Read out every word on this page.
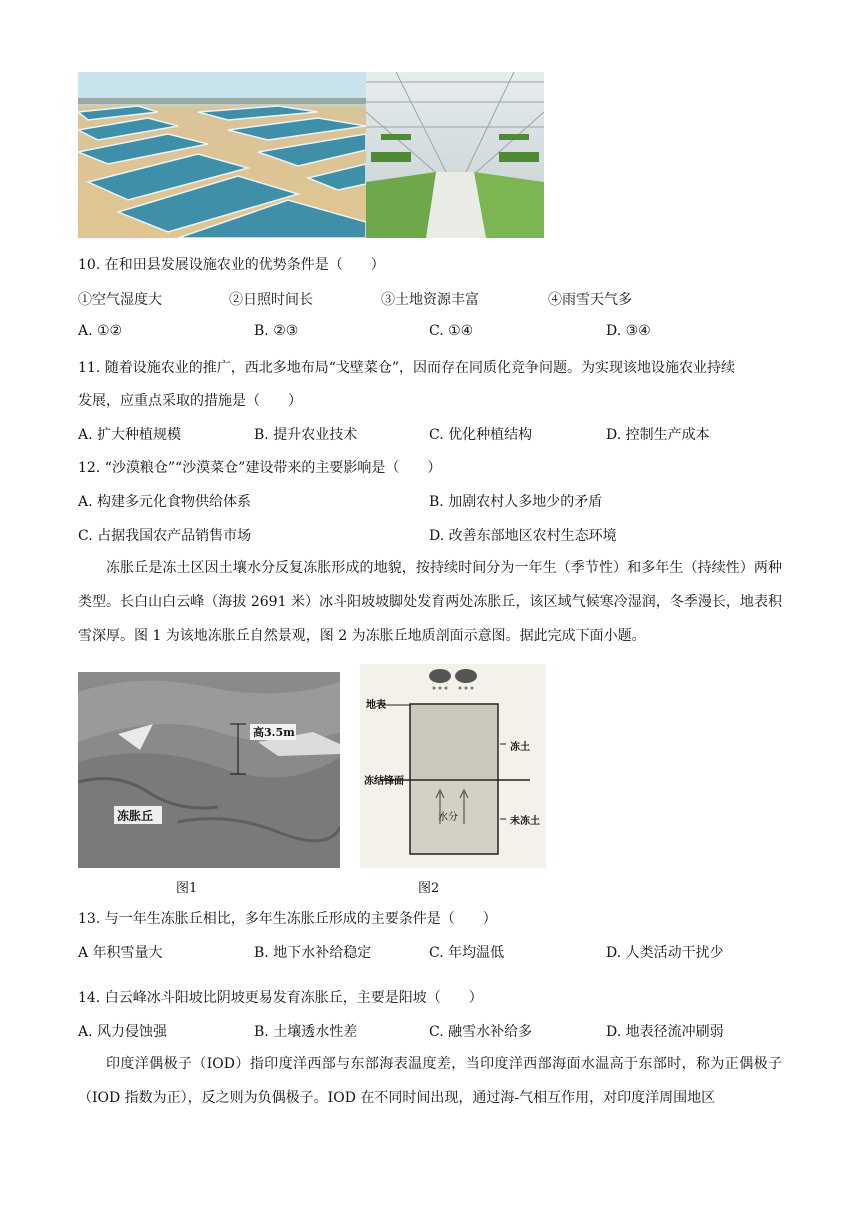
10. 在和田县发展设施农业的优势条件是（　　）
①空气湿度大	②日照时间长	③土地资源丰富	④雨雪天气多
A. ①②	B. ②③	C. ①④	D. ③④
11. 随着设施农业的推广，西北多地布局“戈壁菜仓”，因而存在同质化竞争问题。为实现该地设施农业持续
发展，应重点采取的措施是（　　）
A. 扩大种植规模	B. 提升农业技术	C. 优化种植结构	D. 控制生产成本
12. “沙漠粮仓”“沙漠菜仓”建设带来的主要影响是（　　）
A. 构建多元化食物供给体系	B. 加剧农村人多地少的矛盾
C. 占据我国农产品销售市场	D. 改善东部地区农村生态环境
冻胀丘是冻土区因土壤水分反复冻胀形成的地貌，按持续时间分为一年生（季节性）和多年生（持续性）两种类型。长白山白云峰（海拔 2691 米）冰斗阳坡坡脚处发育两处冻胀丘，该区域气候寒冷湿润，冬季漫长，地表积雪深厚。图 1 为该地冻胀丘自然景观，图 2 为冻胀丘地质剖面示意图。据此完成下面小题。
高3.5m
冻胀丘
地表
冻土
冻结锋面
水分	未冻土
图1	图2
13. 与一年生冻胀丘相比，多年生冻胀丘形成的主要条件是（　　）
A 年积雪量大	B. 地下水补给稳定	C. 年均温低	D. 人类活动干扰少
14. 白云峰冰斗阳坡比阴坡更易发育冻胀丘，主要是阳坡（　　）
A. 风力侵蚀强	B. 土壤透水性差	C. 融雪水补给多	D. 地表径流冲刷弱
印度洋偶极子（IOD）指印度洋西部与东部海表温度差，当印度洋西部海面水温高于东部时，称为正偶极子（IOD 指数为正），反之则为负偶极子。IOD 在不同时间出现，通过海-气相互作用，对印度洋周围地区
